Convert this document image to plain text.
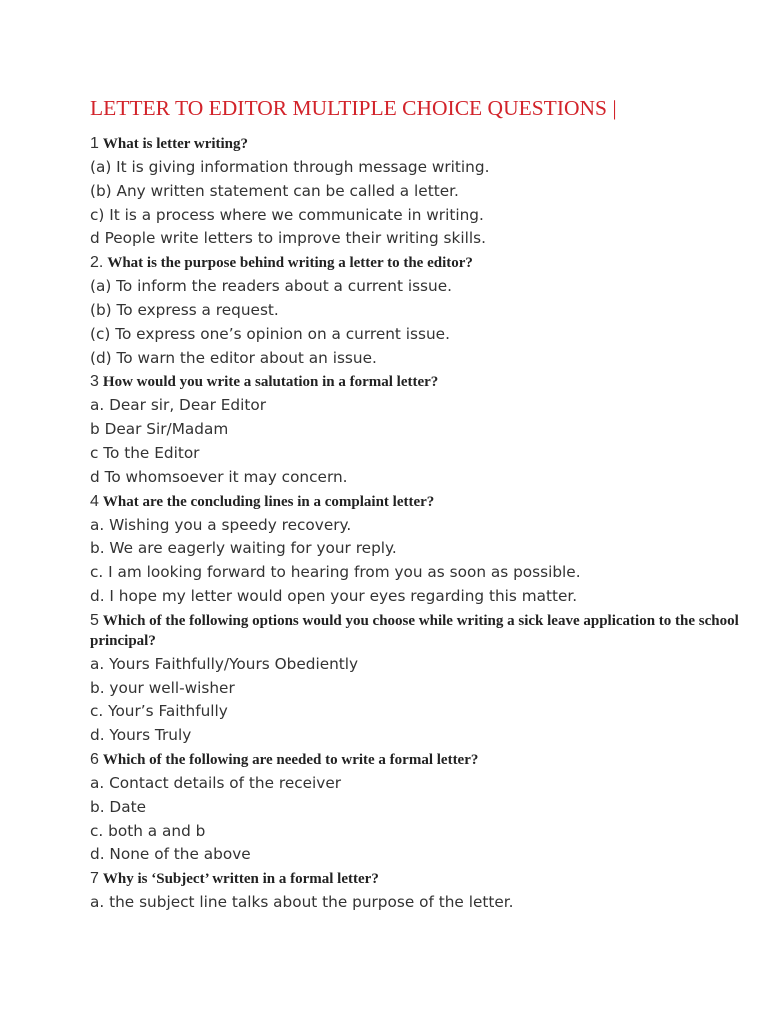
LETTER TO EDITOR MULTIPLE CHOICE QUESTIONS |
1 What is letter writing?
(a) It is giving information through message writing.
(b) Any written statement can be called a letter.
c) It is a process where we communicate in writing.
d People write letters to improve their writing skills.
2. What is the purpose behind writing a letter to the editor?
(a) To inform the readers about a current issue.
(b) To express a request.
(c) To express one’s opinion on a current issue.
(d) To warn the editor about an issue.
3 How would you write a salutation in a formal letter?
a. Dear sir, Dear Editor
b Dear Sir/Madam
c To the Editor
d To whomsoever it may concern.
4 What are the concluding lines in a complaint letter?
a. Wishing you a speedy recovery.
b. We are eagerly waiting for your reply.
c. I am looking forward to hearing from you as soon as possible.
d. I hope my letter would open your eyes regarding this matter.
5 Which of the following options would you choose while writing a sick leave application to the school principal?
a. Yours Faithfully/Yours Obediently
b. your well-wisher
c. Your’s Faithfully
d. Yours Truly
6 Which of the following are needed to write a formal letter?
a. Contact details of the receiver
b. Date
c. both a and b
d. None of the above
7 Why is ‘Subject’ written in a formal letter?
a. the subject line talks about the purpose of the letter.
